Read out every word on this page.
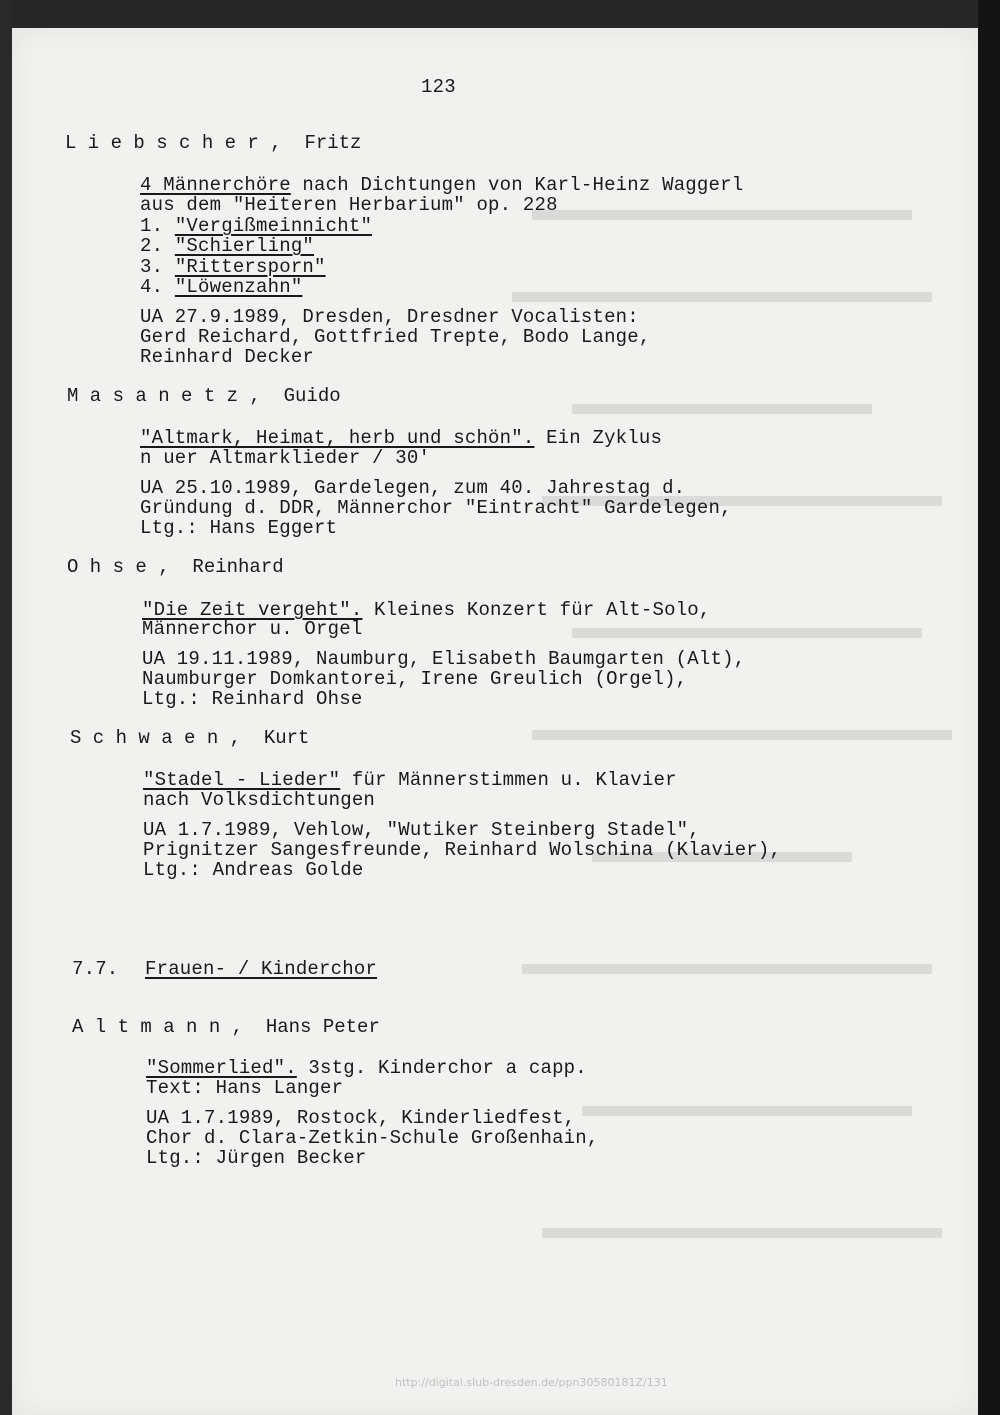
123
L i e b s c h e r ,  Fritz
4 Männerchöre nach Dichtungen von Karl-Heinz Waggerl
aus dem "Heiteren Herbarium" op. 228
1. "Vergißmeinnicht"
2. "Schierling"
3. "Rittersporn"
4. "Löwenzahn"
UA 27.9.1989, Dresden, Dresdner Vocalisten:
Gerd Reichard, Gottfried Trepte, Bodo Lange,
Reinhard Decker
M a s a n e t z ,  Guido
"Altmark, Heimat, herb und schön". Ein Zyklus
n uer Altmarklieder / 30'
UA 25.10.1989, Gardelegen, zum 40. Jahrestag d.
Gründung d. DDR, Männerchor "Eintracht" Gardelegen,
Ltg.: Hans Eggert
O h s e ,  Reinhard
"Die Zeit vergeht". Kleines Konzert für Alt-Solo,
Männerchor u. Orgel
UA 19.11.1989, Naumburg, Elisabeth Baumgarten (Alt),
Naumburger Domkantorei, Irene Greulich (Orgel),
Ltg.: Reinhard Ohse
S c h w a e n ,  Kurt
"Stadel - Lieder" für Männerstimmen u. Klavier
nach Volksdichtungen
UA 1.7.1989, Vehlow, "Wutiker Steinberg Stadel",
Prignitzer Sangesfreunde, Reinhard Wolschina (Klavier),
Ltg.: Andreas Golde
7.7. Frauen- / Kinderchor
A l t m a n n ,  Hans Peter
"Sommerlied". 3stg. Kinderchor a capp.
Text: Hans Langer
UA 1.7.1989, Rostock, Kinderliedfest,
Chor d. Clara-Zetkin-Schule Großenhain,
Ltg.: Jürgen Becker
http://digital.slub-dresden.de/ppn30580181Z/131
